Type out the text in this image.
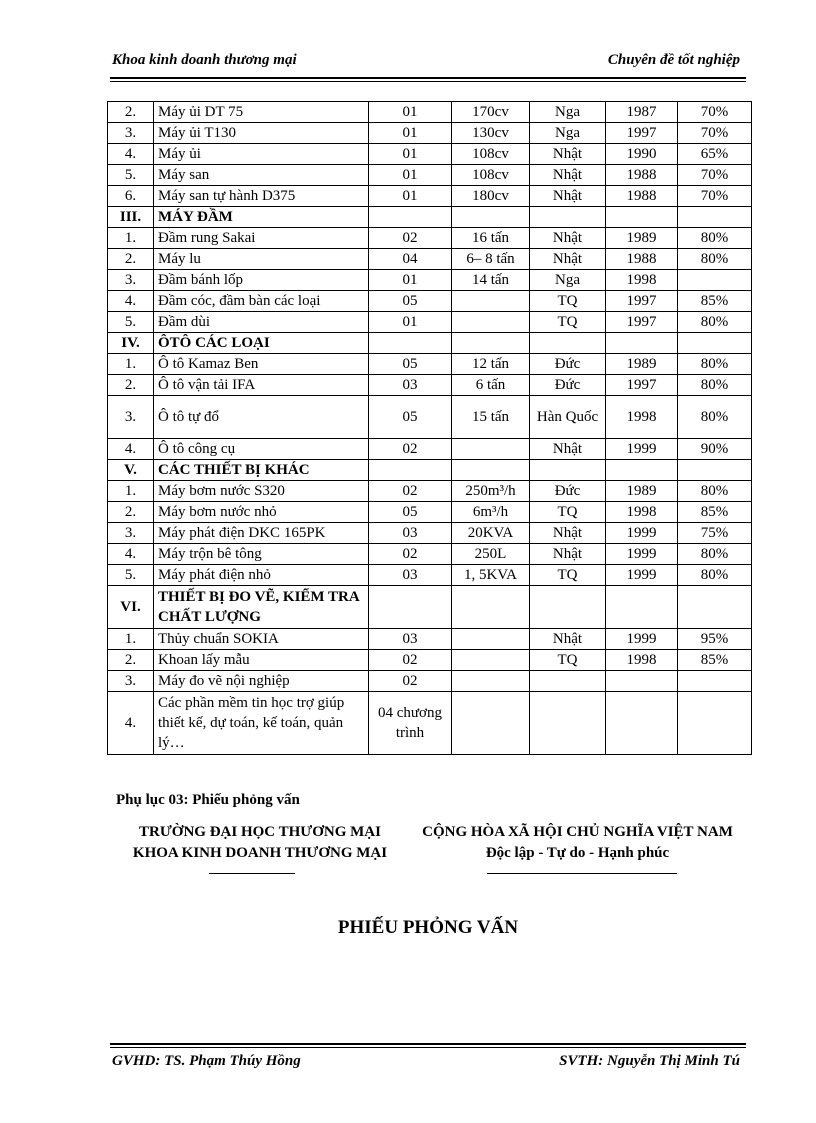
Khoa kinh doanh thương mại	Chuyên đề tốt nghiệp
2.	Máy ủi DT 75	01	170cv	Nga	1987	70%
3.	Máy ủi T130	01	130cv	Nga	1997	70%
4.	Máy ủi	01	108cv	Nhật	1990	65%
5.	Máy san	01	108cv	Nhật	1988	70%
6.	Máy san tự hành D375	01	180cv	Nhật	1988	70%
III.	MÁY ĐẦM					
1.	Đầm rung Sakai	02	16 tấn	Nhật	1989	80%
2.	Máy lu	04	6– 8 tấn	Nhật	1988	80%
3.	Đầm bánh lốp	01	14 tấn	Nga	1998	
4.	Đầm cóc, đầm bàn các loại	05		TQ	1997	85%
5.	Đầm dùi	01		TQ	1997	80%
IV.	ÔTÔ CÁC LOẠI					
1.	Ô tô Kamaz Ben	05	12 tấn	Đức	1989	80%
2.	Ô tô vận tải IFA	03	6 tấn	Đức	1997	80%
3.	Ô tô tự đổ	05	15 tấn	Hàn Quốc	1998	80%
4.	Ô tô công cụ	02		Nhật	1999	90%
V.	CÁC THIẾT BỊ KHÁC					
1.	Máy bơm nước S320	02	250m³/h	Đức	1989	80%
2.	Máy bơm nước nhỏ	05	6m³/h	TQ	1998	85%
3.	Máy phát điện DKC 165PK	03	20KVA	Nhật	1999	75%
4.	Máy trộn bê tông	02	250L	Nhật	1999	80%
5.	Máy phát điện nhỏ	03	1, 5KVA	TQ	1999	80%
VI.	THIẾT BỊ ĐO VẼ, KIỂM TRA CHẤT LƯỢNG					
1.	Thủy chuẩn SOKIA	03		Nhật	1999	95%
2.	Khoan lấy mẫu	02		TQ	1998	85%
3.	Máy đo vẽ nội nghiệp	02				
4.	Các phần mềm tin học trợ giúp thiết kế, dự toán, kế toán, quản lý…	04 chương trình				
Phụ lục 03: Phiếu phỏng vấn
TRƯỜNG ĐẠI HỌC THƯƠNG MẠI
KHOA KINH DOANH THƯƠNG MẠI
CỘNG HÒA XÃ HỘI CHỦ NGHĨA VIỆT NAM
Độc lập - Tự do - Hạnh phúc
PHIẾU PHỎNG VẤN
GVHD: TS. Phạm Thúy Hồng	SVTH: Nguyễn Thị Minh Tú
